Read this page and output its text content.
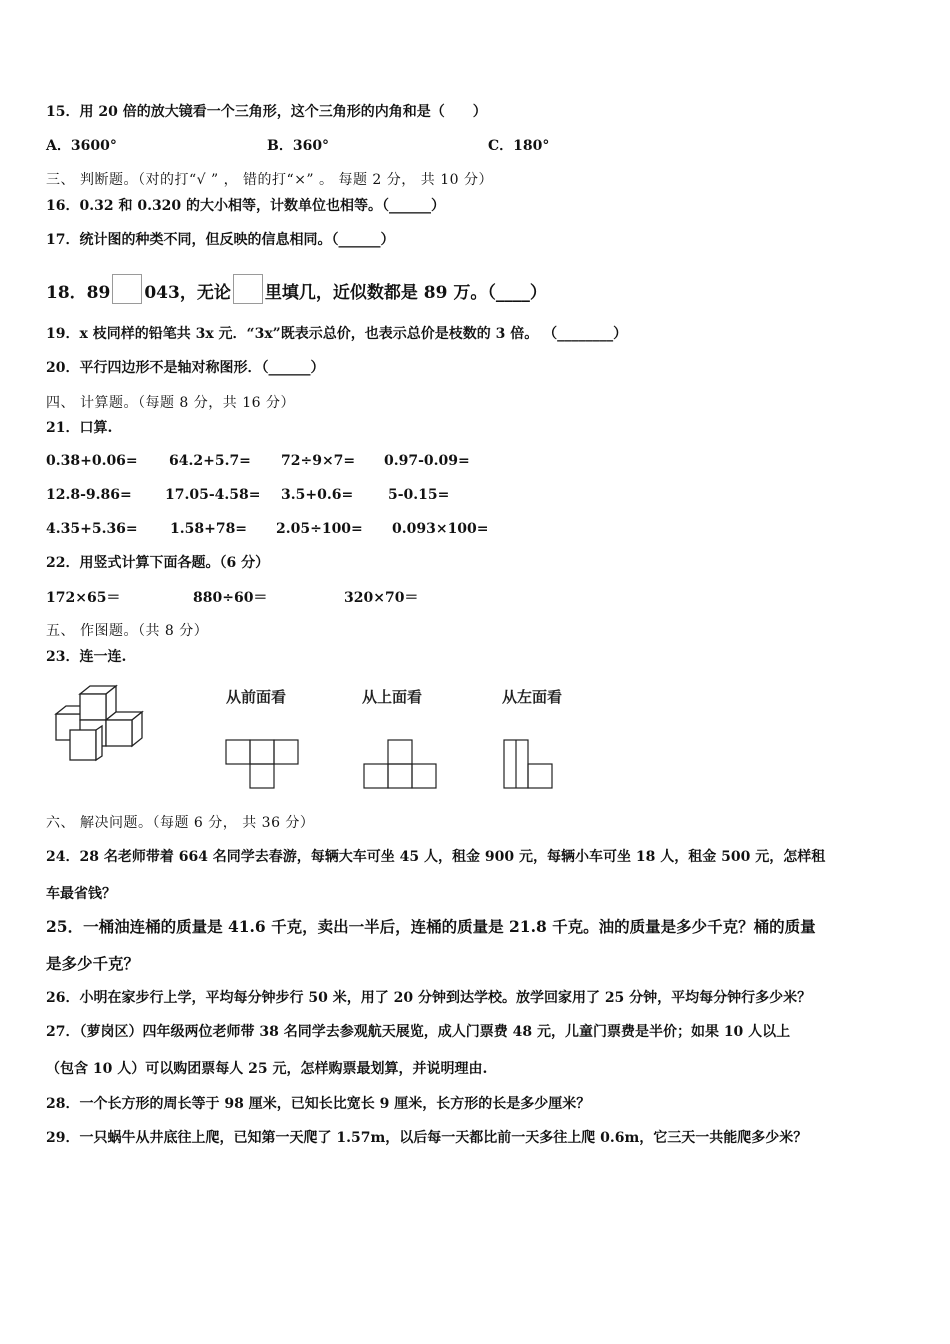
15．用 20 倍的放大镜看一个三角形，这个三角形的内角和是（　　）
A．3600°	B．360°	C．180°
三、 判断题。（对的打“√ ” ， 错的打“×” 。 每题 2 分， 共 10 分）
16．0.32 和 0.320 的大小相等，计数单位也相等。（______）
17．统计图的种类不同，但反映的信息相同。（______）
18．89 043，无论 里填几，近似数都是 89 万。（____）
19．x 枝同样的铅笔共 3x 元．“3x”既表示总价，也表示总价是枝数的 3 倍。 （________）
20．平行四边形不是轴对称图形．（______）
四、 计算题。（每题 8 分，共 16 分）
21．口算.
0.38+0.06= 64.2+5.7= 72÷9×7= 0.97-0.09=
12.8-9.86= 17.05-4.58= 3.5+0.6= 5-0.15=
4.35+5.36= 1.58+78= 2.05÷100= 0.093×100=
22．用竖式计算下面各题。（6 分）
172×65＝	880÷60＝	320×70＝
五、 作图题。（共 8 分）
23．连一连.
从前面看	从上面看	从左面看
六、 解决问题。（每题 6 分， 共 36 分）
24．28 名老师带着 664 名同学去春游，每辆大车可坐 45 人，租金 900 元，每辆小车可坐 18 人，租金 500 元，怎样租
车最省钱？
25．一桶油连桶的质量是 41.6 千克，卖出一半后，连桶的质量是 21.8 千克。油的质量是多少千克？桶的质量
是多少千克？
26．小明在家步行上学，平均每分钟步行 50 米，用了 20 分钟到达学校。放学回家用了 25 分钟，平均每分钟行多少米？
27．（萝岗区）四年级两位老师带 38 名同学去参观航天展览，成人门票费 48 元，儿童门票费是半价；如果 10 人以上
（包含 10 人）可以购团票每人 25 元，怎样购票最划算，并说明理由.
28．一个长方形的周长等于 98 厘米，已知长比宽长 9 厘米，长方形的长是多少厘米？
29．一只蜗牛从井底往上爬，已知第一天爬了 1.57m，以后每一天都比前一天多往上爬 0.6m，它三天一共能爬多少米？
